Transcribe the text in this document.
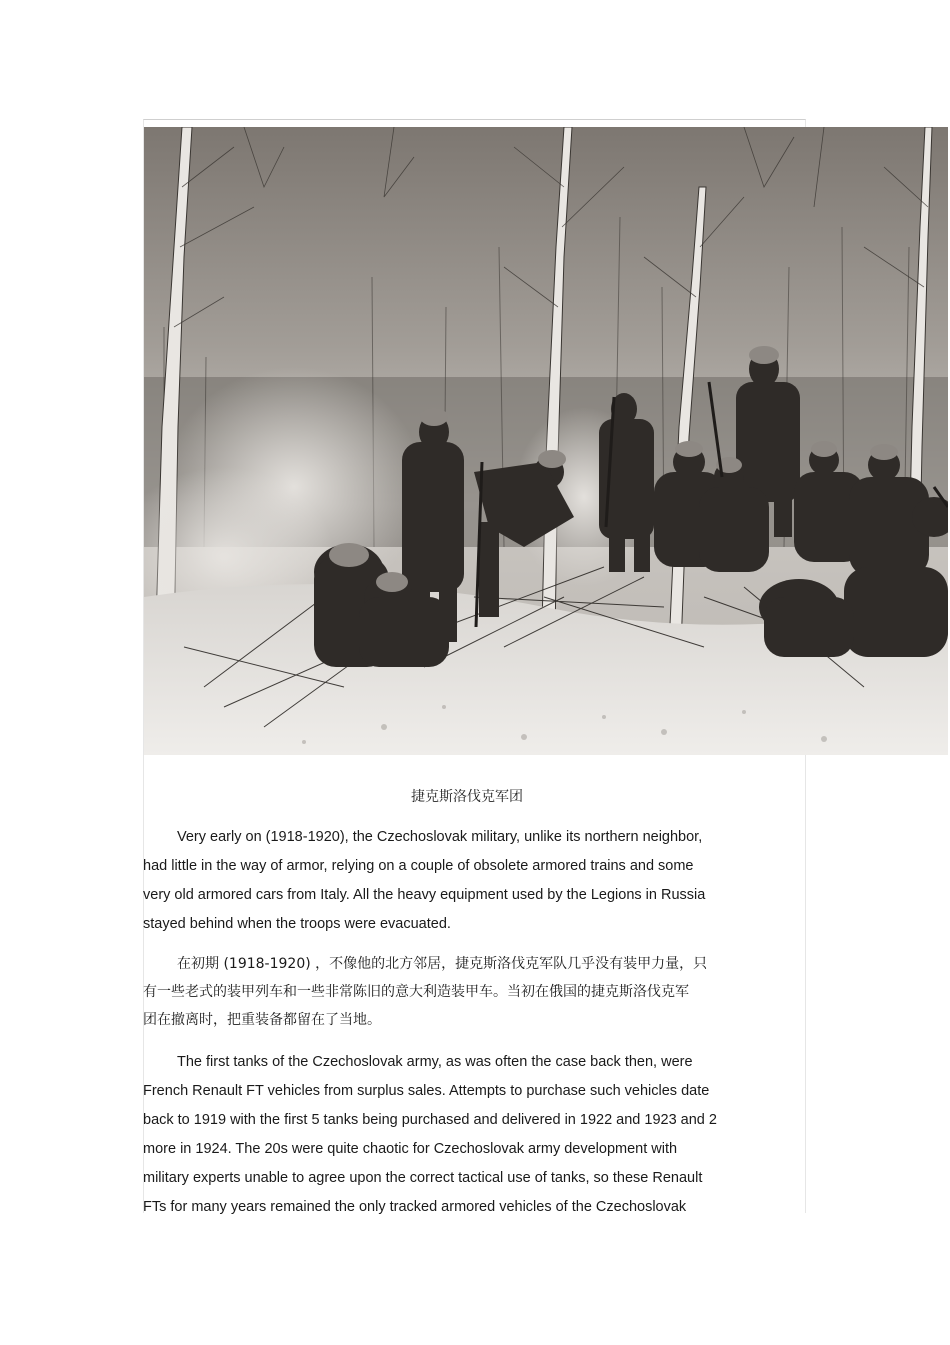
捷克斯洛伐克军团

Very early on (1918-1920), the Czechoslovak military, unlike its northern neighbor,
had little in the way of armor, relying on a couple of obsolete armored trains and some
very old armored cars from Italy. All the heavy equipment used by the Legions in Russia
stayed behind when the troops were evacuated.

在初期 (1918-1920) ，不像他的北方邻居，捷克斯洛伐克军队几乎没有装甲力量，只
有一些老式的装甲列车和一些非常陈旧的意大利造装甲车。当初在俄国的捷克斯洛伐克军
团在撤离时，把重装备都留在了当地。

The first tanks of the Czechoslovak army, as was often the case back then, were
French Renault FT vehicles from surplus sales. Attempts to purchase such vehicles date
back to 1919 with the first 5 tanks being purchased and delivered in 1922 and 1923 and 2
more in 1924. The 20s were quite chaotic for Czechoslovak army development with
military experts unable to agree upon the correct tactical use of tanks, so these Renault
FTs for many years remained the only tracked armored vehicles of the Czechoslovak
